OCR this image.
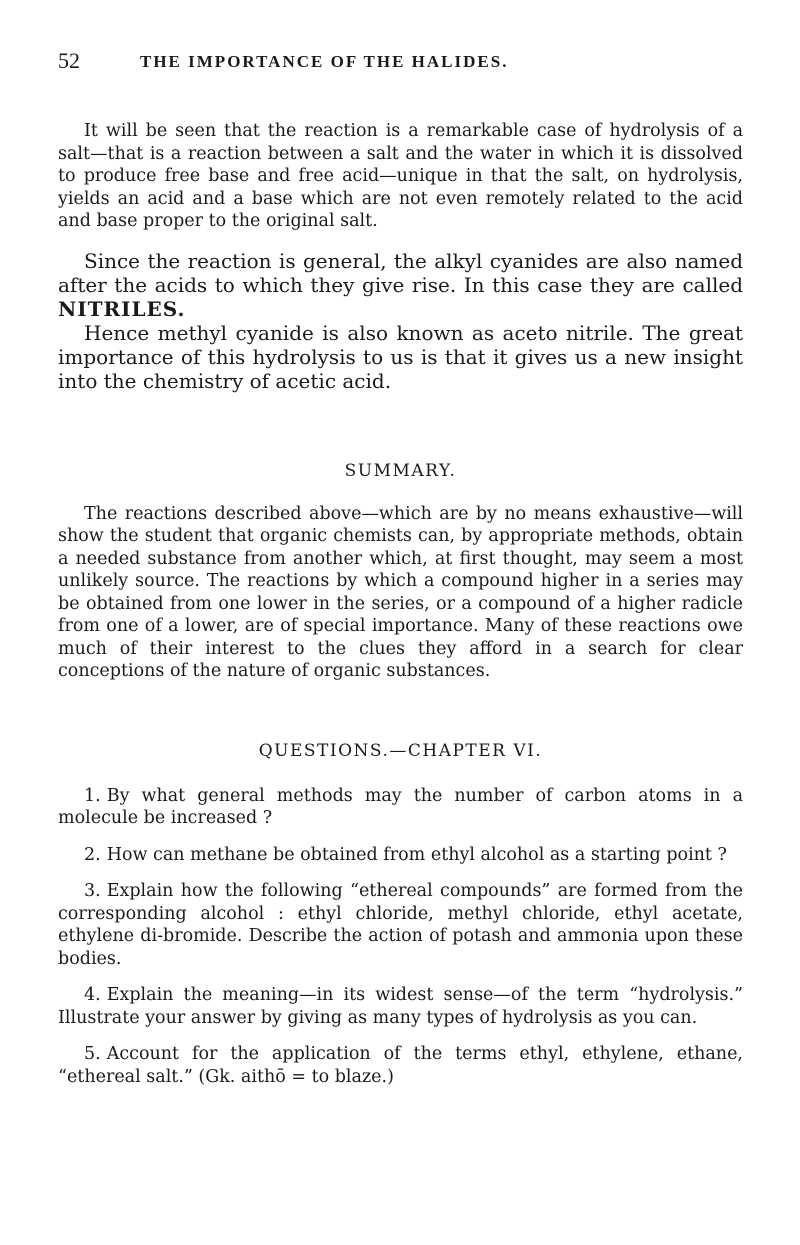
52	THE IMPORTANCE OF THE HALIDES.

It will be seen that the reaction is a remarkable case of hydrolysis of a salt—that is a reaction between a salt and the water in which it is dissolved to produce free base and free acid—unique in that the salt, on hydrolysis, yields an acid and a base which are not even remotely related to the acid and base proper to the original salt.

Since the reaction is general, the alkyl cyanides are also named after the acids to which they give rise. In this case they are called NITRILES.

Hence methyl cyanide is also known as aceto nitrile. The great importance of this hydrolysis to us is that it gives us a new insight into the chemistry of acetic acid.

SUMMARY.

The reactions described above—which are by no means exhaustive—will show the student that organic chemists can, by appropriate methods, obtain a needed substance from another which, at first thought, may seem a most unlikely source. The reactions by which a compound higher in a series may be obtained from one lower in the series, or a compound of a higher radicle from one of a lower, are of special importance. Many of these reactions owe much of their interest to the clues they afford in a search for clear conceptions of the nature of organic substances.

QUESTIONS.—CHAPTER VI.

1. By what general methods may the number of carbon atoms in a molecule be increased ?

2. How can methane be obtained from ethyl alcohol as a starting point ?

3. Explain how the following “ethereal compounds” are formed from the corresponding alcohol : ethyl chloride, methyl chloride, ethyl acetate, ethylene di-bromide. Describe the action of potash and ammonia upon these bodies.

4. Explain the meaning—in its widest sense—of the term “hydrolysis.” Illustrate your answer by giving as many types of hydrolysis as you can.

5. Account for the application of the terms ethyl, ethylene, ethane, “ethereal salt.” (Gk. aithō = to blaze.)
